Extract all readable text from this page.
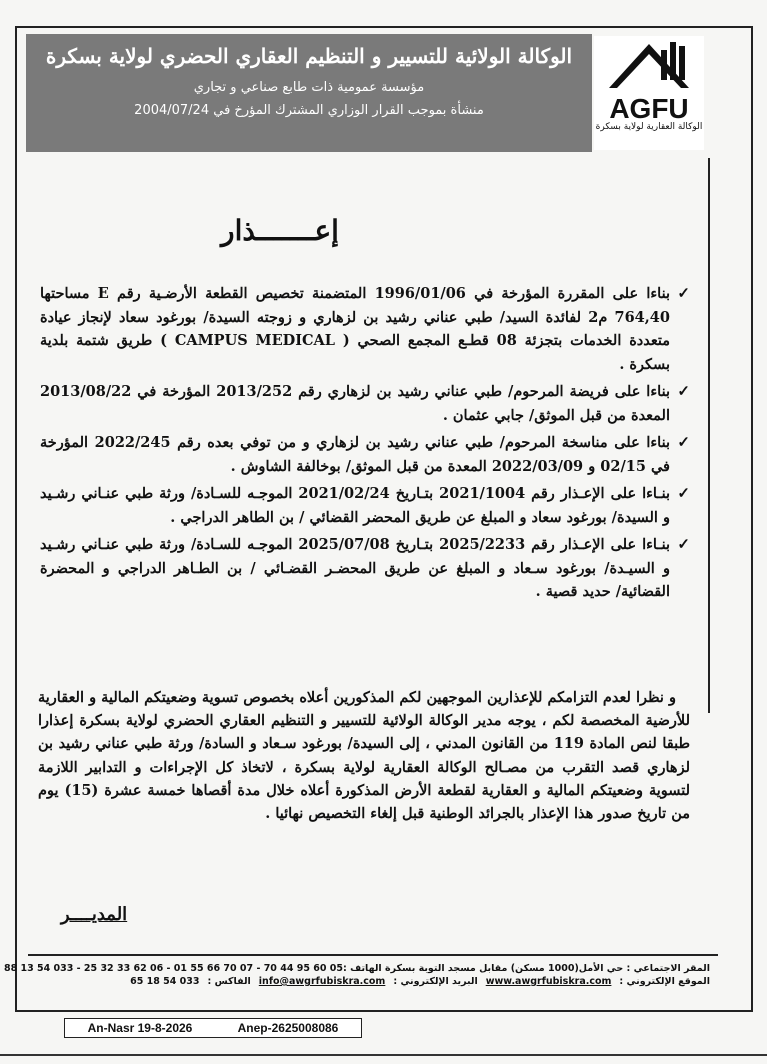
الوكالة الولائية للتسيير و التنظيم العقاري الحضري لولاية بسكرة
مؤسسة عمومية ذات طابع صناعي و تجاري
منشأة بموجب القرار الوزاري المشترك المؤرخ في 2004/07/24	AGFU
الوكالة العقارية لولاية بسكرة
إعـــــــذار
✓
بناءا على المقررة المؤرخة في 1996/01/06 المتضمنة تخصيص القطعة الأرضـية رقم E مساحتها 764,40 م2 لفائدة السيد/ طبي عناني رشيد بن لزهاري و زوجته السيدة/ بورغود سعاد لإنجاز عيادة متعددة الخدمات بتجزئة 08 قطـع المجمع الصحي ( CAMPUS MEDICAL ) طريق شتمة بلدية بسكرة .
✓
بناءا على فريضة المرحوم/ طبي عناني رشيد بن لزهاري رقم 2013/252 المؤرخة في 2013/08/22 المعدة من قبل الموثق/ جابي عثمان .
✓
بناءا على مناسخة المرحوم/ طبي عناني رشيد بن لزهاري و من توفي بعده رقم 2022/245 المؤرخة في 02/15 و 2022/03/09 المعدة من قبل الموثق/ بوخالفة الشاوش .
✓
بنـاءا على الإعـذار رقم 2021/1004 بتـاريخ 2021/02/24 الموجـه للسـادة/ ورثة طبي عنـاني رشـيد و السيدة/ بورغود سعاد و المبلغ عن طريق المحضر القضائي / بن الطاهر الدراجي .
✓
بنـاءا على الإعـذار رقم 2025/2233 بتـاريخ 2025/07/08 الموجـه للسـادة/ ورثة طبي عنـاني رشـيد و السيـدة/ بورغود سـعاد و المبلغ عن طريق المحضـر القضـائي / بن الطـاهر الدراجي و المحضرة القضائية/ حديد قصية .
و نظرا لعدم التزامكم للإعذارين الموجهين لكم المذكورين أعلاه بخصوص تسوية وضعيتكم المالية و العقارية للأرضية المخصصة لكم ، يوجه مدير الوكالة الولائية للتسيير و التنظيم العقاري الحضري لولاية بسكرة إعذارا طبقا لنص المادة 119 من القانون المدني ، إلى السيدة/ بورغود سـعاد و السادة/ ورثة طبي عناني رشيد بن لزهاري قصد التقرب من مصـالح الوكالة العقارية لولاية بسكرة ، لاتخاذ كل الإجراءات و التدابير اللازمة لتسوية وضعيتكم المالية و العقارية لقطعة الأرض المذكورة أعلاه خلال مدة أقصاها خمسة عشرة (15) يوم من تاريخ صدور هذا الإعذار بالجرائد الوطنية قبل إلغاء التخصيص نهائيا .
المديــــر
المقر الاجتماعي : حي الأمل(1000 مسكن) مقابل مسجد التوبة بسكرة الهاتف :
88 13 54 033 - 25 32 33 62 06 - 01 55 66 70 07 - 70 44 95 60 05
الموقع الإلكتروني :
www.awgrfubiskra.com
البريد الإلكتروني :
info@awgrfubiskra.com
الفاكس :
65 18 54 033
An-Nasr 19-8-2026	Anep-2625008086
